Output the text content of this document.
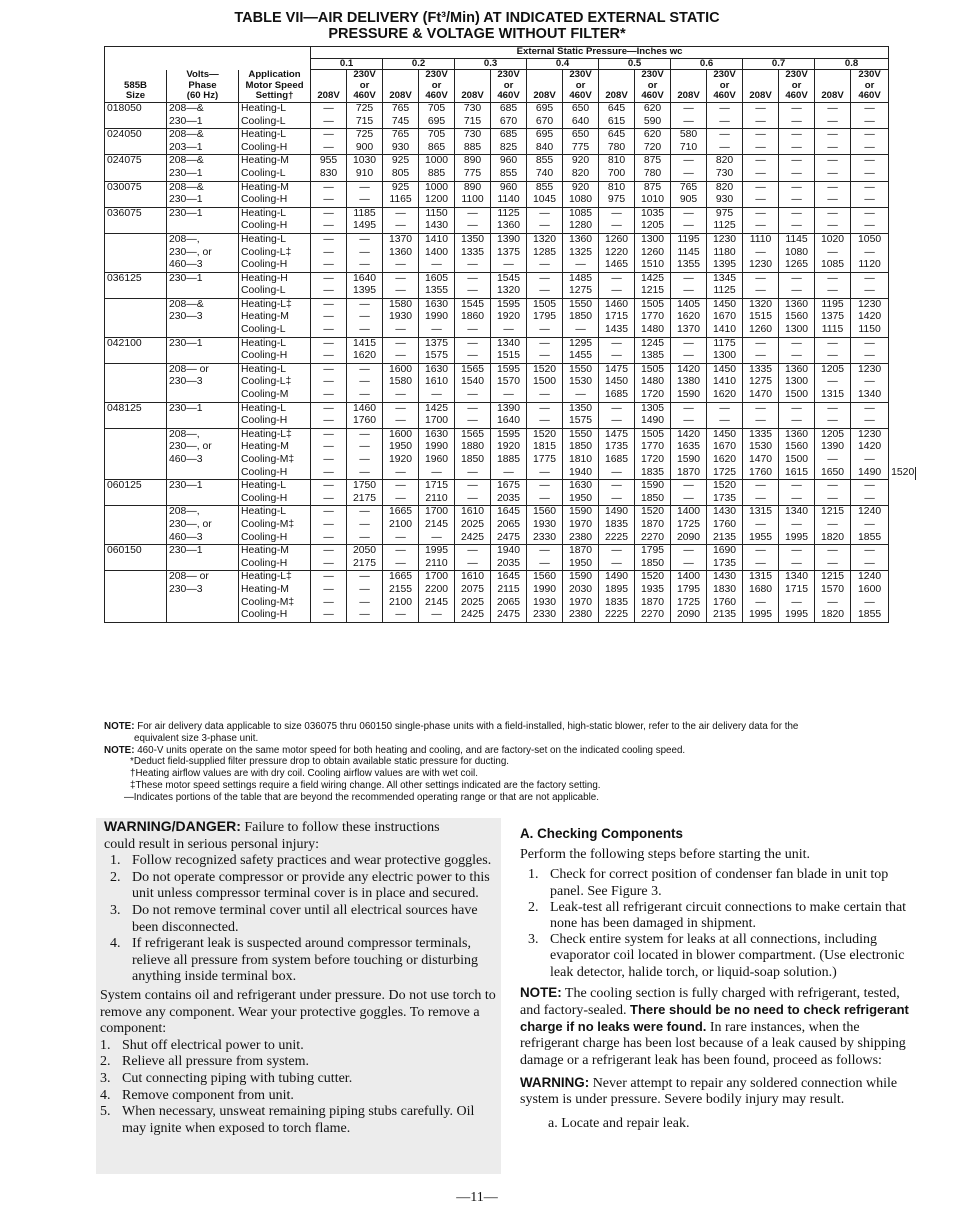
TABLE VII—AIR DELIVERY (Ft³/Min) AT INDICATED EXTERNAL STATIC
PRESSURE & VOLTAGE WITHOUT FILTER*
			External Static Pressure—Inches wc																
			0.1		0.2		0.3		0.4		0.5		0.6		0.7		0.8		
	Volts—	Application		230V		230V		230V		230V		230V		230V		230V		230V	
585B	Phase	Motor Speed		or		or		or		or		or		or		or		or	
Size	(60 Hz)	Setting†	208V	460V	208V	460V	208V	460V	208V	460V	208V	460V	208V	460V	208V	460V	208V	460V	
018050	208—&	Heating-L	—	725	765	705	730	685	695	650	645	620	—	—	—	—	—	—	
	230—1	Cooling-L	—	715	745	695	715	670	670	640	615	590	—	—	—	—	—	—	
024050	208—&	Heating-L	—	725	765	705	730	685	695	650	645	620	580	—	—	—	—	—	
	203—1	Cooling-H	—	900	930	865	885	825	840	775	780	720	710	—	—	—	—	—	
024075	208—&	Heating-M	955	1030	925	1000	890	960	855	920	810	875	—	820	—	—	—	—	
	230—1	Cooling-L	830	910	805	885	775	855	740	820	700	780	—	730	—	—	—	—	
030075	208—&	Heating-M	—	—	925	1000	890	960	855	920	810	875	765	820	—	—	—	—	
	230—1	Cooling-H	—	—	1165	1200	1100	1140	1045	1080	975	1010	905	930	—	—	—	—	
036075	230—1	Heating-L	—	1185	—	1150	—	1125	—	1085	—	1035	—	975	—	—	—	—	
		Cooling-H	—	1495	—	1430	—	1360	—	1280	—	1205	—	1125	—	—	—	—	
	208—,	Heating-L	—	—	1370	1410	1350	1390	1320	1360	1260	1300	1195	1230	1110	1145	1020	1050	
	230—, or	Cooling-L‡	—	—	1360	1400	1335	1375	1285	1325	1220	1260	1145	1180	—	1080	—	—	
	460—3	Cooling-H	—	—	—	—	—	—	—	—	1465	1510	1355	1395	1230	1265	1085	1120	
036125	230—1	Heating-H	—	1640	—	1605	—	1545	—	1485	—	1425	—	1345	—	—	—	—	
		Cooling-L	—	1395	—	1355	—	1320	—	1275	—	1215	—	1125	—	—	—	—	
	208—&	Heating-L‡	—	—	1580	1630	1545	1595	1505	1550	1460	1505	1405	1450	1320	1360	1195	1230	
	230—3	Heating-M	—	—	1930	1990	1860	1920	1795	1850	1715	1770	1620	1670	1515	1560	1375	1420	
		Cooling-L	—	—	—	—	—	—	—	—	1435	1480	1370	1410	1260	1300	1115	1150	
042100	230—1	Heating-L	—	1415	—	1375	—	1340	—	1295	—	1245	—	1175	—	—	—	—	
		Cooling-H	—	1620	—	1575	—	1515	—	1455	—	1385	—	1300	—	—	—	—	
	208— or	Heating-L	—	—	1600	1630	1565	1595	1520	1550	1475	1505	1420	1450	1335	1360	1205	1230	
	230—3	Cooling-L‡	—	—	1580	1610	1540	1570	1500	1530	1450	1480	1380	1410	1275	1300	—	—	
		Cooling-M	—	—	—	—	—	—	—	—	1685	1720	1590	1620	1470	1500	1315	1340	
048125	230—1	Heating-L	—	1460	—	1425	—	1390	—	1350	—	1305	—	—	—	—	—	—	
		Cooling-H	—	1760	—	1700	—	1640	—	1575	—	1490	—	—	—	—	—	—	
	208—,	Heating-L‡	—	—	1600	1630	1565	1595	1520	1550	1475	1505	1420	1450	1335	1360	1205	1230	
	230—, or	Heating-M	—	—	1950	1990	1880	1920	1815	1850	1735	1770	1635	1670	1530	1560	1390	1420	
	460—3	Cooling-M‡	—	—	1920	1960	1850	1885	1775	1810	1685	1720	1590	1620	1470	1500	—	—	
		Cooling-H	—	—	—	—	—	—	—	1940	—	1835	1870	1725	1760	1615	1650	1490	1520
060125	230—1	Heating-L	—	1750	—	1715	—	1675	—	1630	—	1590	—	1520	—	—	—	—	
		Cooling-H	—	2175	—	2110	—	2035	—	1950	—	1850	—	1735	—	—	—	—	
	208—,	Heating-L	—	—	1665	1700	1610	1645	1560	1590	1490	1520	1400	1430	1315	1340	1215	1240	
	230—, or	Cooling-M‡	—	—	2100	2145	2025	2065	1930	1970	1835	1870	1725	1760	—	—	—	—	
	460—3	Cooling-H	—	—	—	—	2425	2475	2330	2380	2225	2270	2090	2135	1955	1995	1820	1855	
060150	230—1	Heating-M	—	2050	—	1995	—	1940	—	1870	—	1795	—	1690	—	—	—	—	
		Cooling-H	—	2175	—	2110	—	2035	—	1950	—	1850	—	1735	—	—	—	—	
	208— or	Heating-L‡	—	—	1665	1700	1610	1645	1560	1590	1490	1520	1400	1430	1315	1340	1215	1240	
	230—3	Heating-M	—	—	2155	2200	2075	2115	1990	2030	1895	1935	1795	1830	1680	1715	1570	1600	
		Cooling-M‡	—	—	2100	2145	2025	2065	1930	1970	1835	1870	1725	1760	—	—	—	—	
		Cooling-H	—	—	—	—	2425	2475	2330	2380	2225	2270	2090	2135	1995	1995	1820	1855	

NOTE: For air delivery data applicable to size 036075 thru 060150 single-phase units with a field-installed, high-static blower, refer to the air delivery data for the

equivalent size 3-phase unit.

NOTE: 460-V units operate on the same motor speed for both heating and cooling, and are factory-set on the indicated cooling speed.

*Deduct field-supplied filter pressure drop to obtain available static pressure for ducting.

†Heating airflow values are with dry coil. Cooling airflow values are with wet coil.

‡These motor speed settings require a field wiring change. All other settings indicated are the factory setting.

—Indicates portions of the table that are beyond the recommended operating range or that are not applicable.

WARNING/DANGER: Failure to follow these instructions

could result in serious personal injury:

1. Follow recognized safety practices and wear protective goggles.
2. Do not operate compressor or provide any electric power to this unit unless compressor terminal cover is in place and secured.
3. Do not remove terminal cover until all electrical sources have been disconnected.
4. If refrigerant leak is suspected around compressor terminals, relieve all pressure from system before touching or disturbing anything inside terminal box.

System contains oil and refrigerant under pressure. Do not use torch to remove any component. Wear your protective goggles. To remove a component:

1. Shut off electrical power to unit.
2. Relieve all pressure from system.
3. Cut connecting piping with tubing cutter.
4. Remove component from unit.
5. When necessary, unsweat remaining piping stubs carefully. Oil may ignite when exposed to torch flame.

A. Checking Components

Perform the following steps before starting the unit.

1. Check for correct position of condenser fan blade in unit top panel. See Figure 3.
2. Leak-test all refrigerant circuit connections to make certain that none has been damaged in shipment.
3. Check entire system for leaks at all connections, including evaporator coil located in blower compartment. (Use electronic leak detector, halide torch, or liquid-soap solution.)

NOTE: The cooling section is fully charged with refrigerant, tested, and factory-sealed. There should be no need to check refrigerant charge if no leaks were found. In rare instances, when the refrigerant charge has been lost because of a leak caused by shipping damage or a refrigerant leak has been found, proceed as follows:

WARNING: Never attempt to repair any soldered connection while system is under pressure. Severe bodily injury may result.

a. Locate and repair leak.

—11—
